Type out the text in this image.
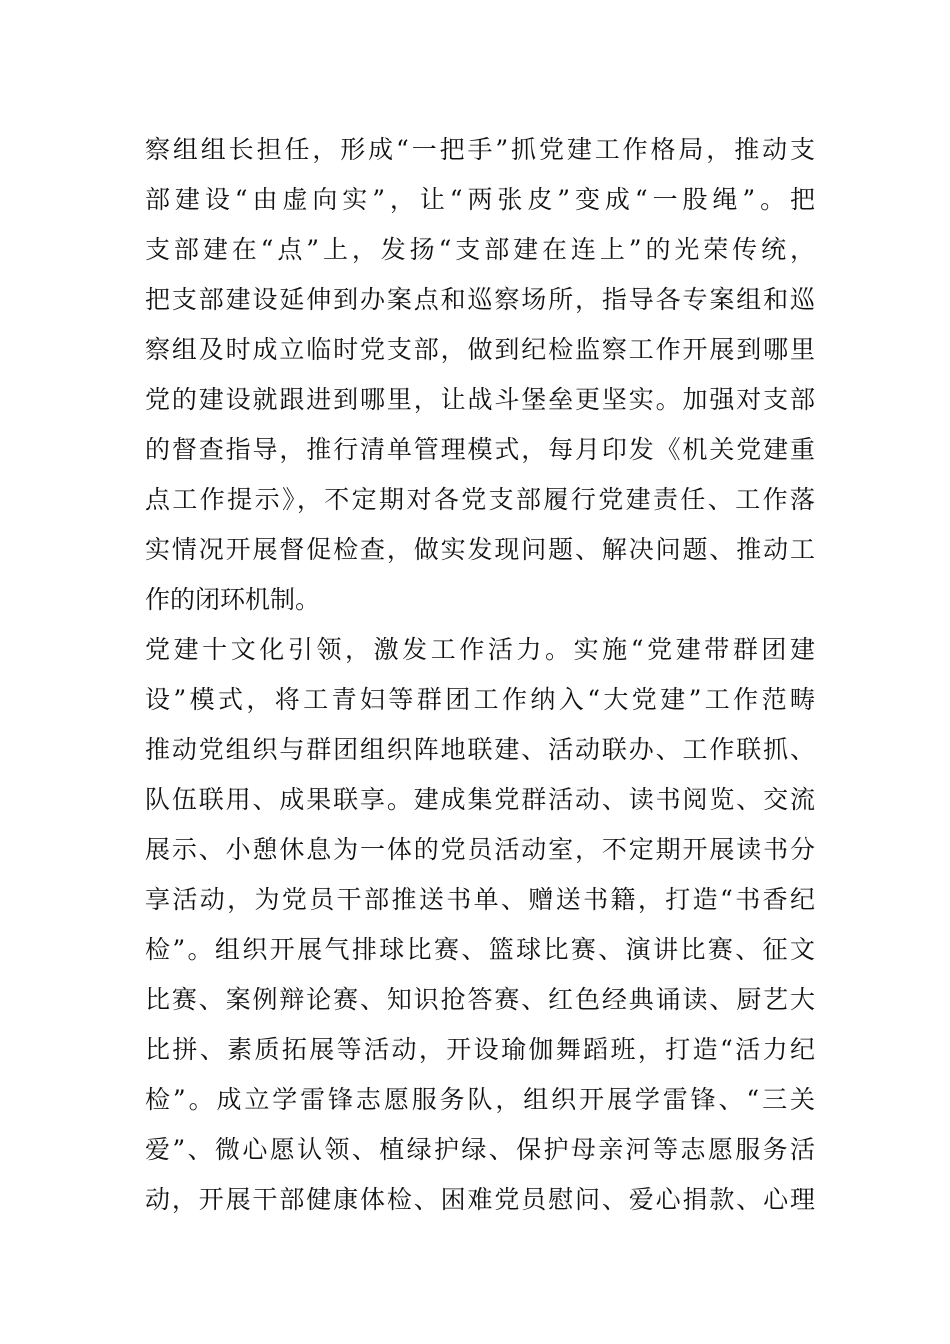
察组组长担任，形成“一把手”抓党建工作格局，推动支
部建设“由虚向实”，让“两张皮”变成“一股绳”。把
支部建在“点”上，发扬“支部建在连上”的光荣传统，
把支部建设延伸到办案点和巡察场所，指导各专案组和巡
察组及时成立临时党支部，做到纪检监察工作开展到哪里
党的建设就跟进到哪里，让战斗堡垒更坚实。加强对支部
的督查指导，推行清单管理模式，每月印发《机关党建重
点工作提示》，不定期对各党支部履行党建责任、工作落
实情况开展督促检查，做实发现问题、解决问题、推动工
作的闭环机制。
党建十文化引领，激发工作活力。实施“党建带群团建
设”模式，将工青妇等群团工作纳入“大党建”工作范畴
推动党组织与群团组织阵地联建、活动联办、工作联抓、
队伍联用、成果联享。建成集党群活动、读书阅览、交流
展示、小憩休息为一体的党员活动室，不定期开展读书分
享活动，为党员干部推送书单、赠送书籍，打造“书香纪
检”。组织开展气排球比赛、篮球比赛、演讲比赛、征文
比赛、案例辩论赛、知识抢答赛、红色经典诵读、厨艺大
比拼、素质拓展等活动，开设瑜伽舞蹈班，打造“活力纪
检”。成立学雷锋志愿服务队，组织开展学雷锋、“三关
爱”、微心愿认领、植绿护绿、保护母亲河等志愿服务活
动，开展干部健康体检、困难党员慰问、爱心捐款、心理
